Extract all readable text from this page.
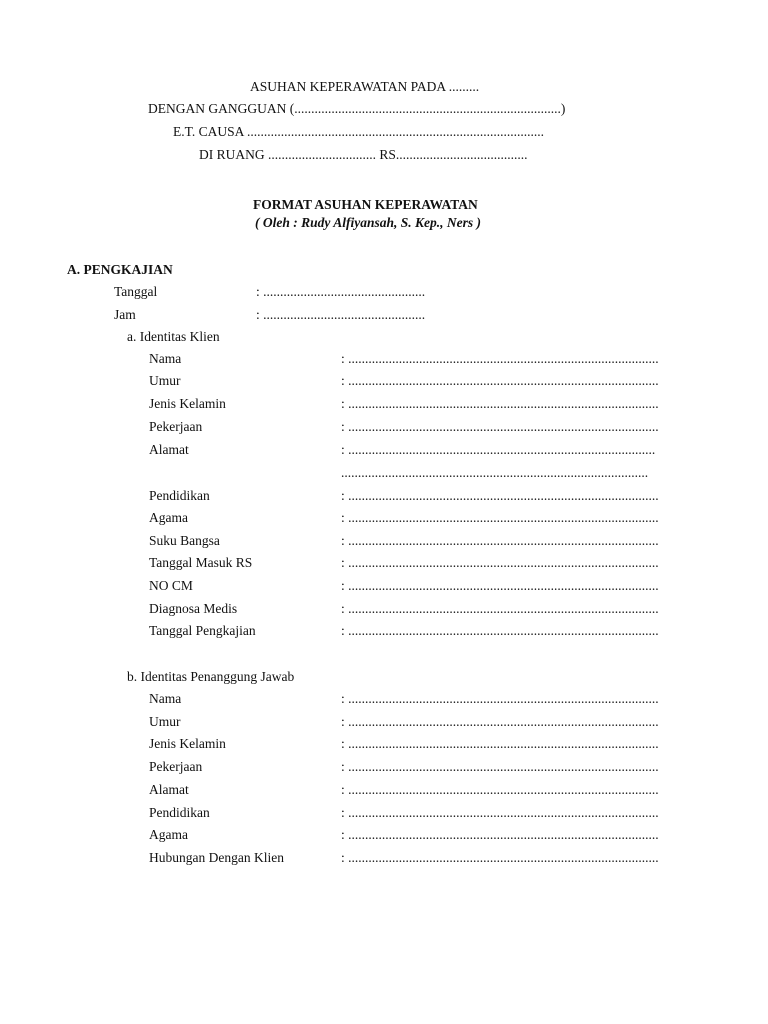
ASUHAN KEPERAWATAN PADA .........
DENGAN GANGGUAN (...............................................................................)
E.T. CAUSA ........................................................................................
DI RUANG ................................ RS.......................................
FORMAT ASUHAN KEPERAWATAN
( Oleh : Rudy Alfiyansah, S. Kep., Ners )
A. PENGKAJIAN
Tanggal	: ................................................
Jam	: ................................................
a. Identitas Klien
Nama	: ............................................................................................
Umur	: ............................................................................................
Jenis Kelamin	: ............................................................................................
Pekerjaan	: ............................................................................................
Alamat	: ...........................................................................................
...........................................................................................
Pendidikan	: ............................................................................................
Agama	: ............................................................................................
Suku Bangsa	: ............................................................................................
Tanggal Masuk RS	: ............................................................................................
NO CM	: ............................................................................................
Diagnosa Medis	: ............................................................................................
Tanggal Pengkajian	: ............................................................................................
b. Identitas Penanggung Jawab
Nama	: ............................................................................................
Umur	: ............................................................................................
Jenis Kelamin	: ............................................................................................
Pekerjaan	: ............................................................................................
Alamat	: ............................................................................................
Pendidikan	: ............................................................................................
Agama	: ............................................................................................
Hubungan Dengan Klien	: ............................................................................................
